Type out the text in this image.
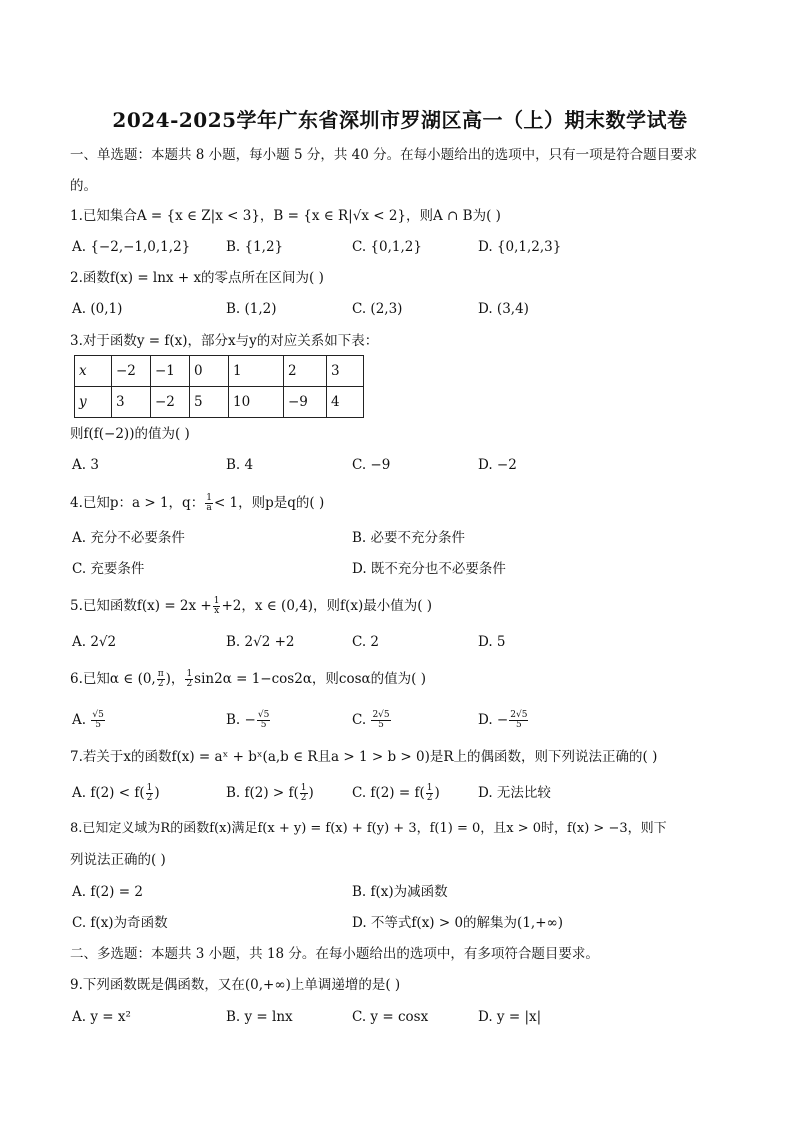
2024-2025学年广东省深圳市罗湖区高一（上）期末数学试卷
一、单选题：本题共 8 小题，每小题 5 分，共 40 分。在每小题给出的选项中，只有一项是符合题目要求
的。
1.已知集合A = {x ∈ Z|x < 3}，B = {x ∈ R|√x < 2}，则A ∩ B为( )
A. {−2,−1,0,1,2}	B. {1,2}	C. {0,1,2}	D. {0,1,2,3}
2.函数f(x) = lnx + x的零点所在区间为( )
A. (0,1)	B. (1,2)	C. (2,3)	D. (3,4)
3.对于函数y = f(x)，部分x与y的对应关系如下表：
x	−2	−1	0	1	2	3
y	3	−2	5	10	−9	4
则f(f(−2))的值为( )
A. 3	B. 4	C. −9	D. −2
4.已知p：a > 1，q： $\frac{1}{a} < 1$，则p是q的( )
A. 充分不必要条件	B. 必要不充分条件
C. 充要条件	D. 既不充分也不必要条件
5.已知函数$f(x) = 2x + \frac{1}{x} +2$，x ∈ (0,4)，则f(x)最小值为( )
A. 2√2	B. 2√2 +2	C. 2	D. 5
6.已知α ∈ (0, $\frac{\pi}{2}$ )， $\frac{1}{2} \sin 2\alpha = 1-\cos 2\alpha$，则cosα的值为( )
A. $\frac{√5}{5}$	B. − $\frac{√5}{5}$	C. $\frac{2√5}{5}$	D. − $\frac{2√5}{5}$
7.若关于x的函数f(x) = aˣ + bˣ(a,b ∈ R且a > 1 > b > 0)是R上的偶函数，则下列说法正确的( )
A. $f(2) < f( \frac{1}{2}$ )	B. $f(2) > f( \frac{1}{2}$ )	C. $f(2) = f( \frac{1}{2}$ )	D. 无法比较
8.已知定义域为R的函数f(x)满足f(x + y) = f(x) + f(y) + 3，f(1) = 0，且x > 0时，f(x) > −3，则下
列说法正确的( )
A. f(2) = 2	B. f(x)为减函数
C. f(x)为奇函数	D. 不等式f(x) > 0的解集为(1,+∞)
二、多选题：本题共 3 小题，共 18 分。在每小题给出的选项中，有多项符合题目要求。
9.下列函数既是偶函数，又在(0,+∞)上单调递增的是( )
A. y = x²	B. y = lnx	C. y = cosx	D. y = |x|
